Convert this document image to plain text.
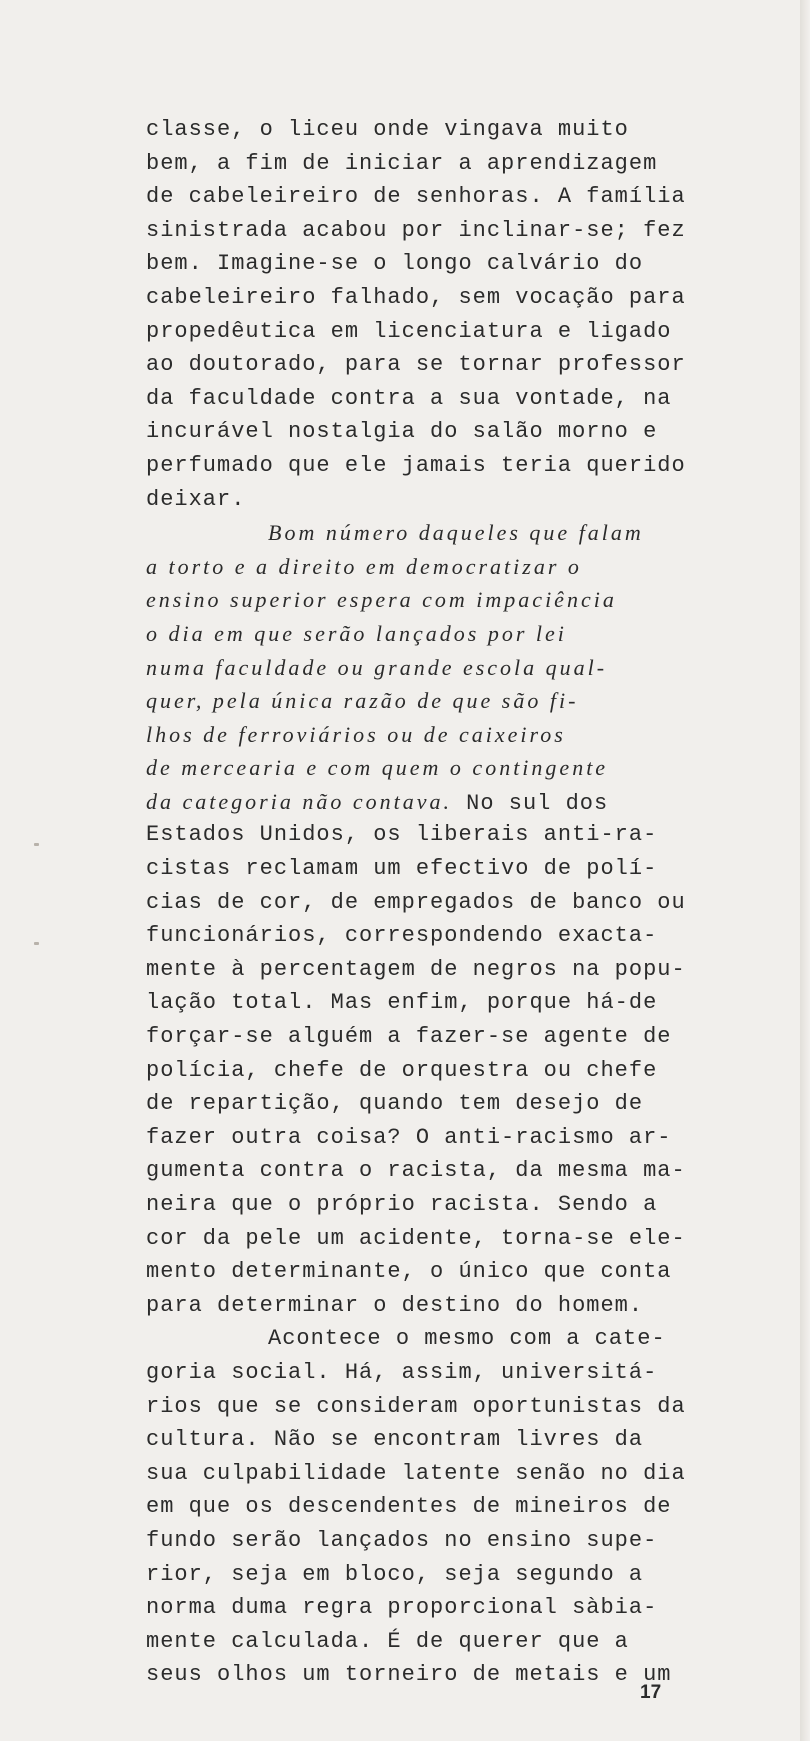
classe, o liceu onde vingava muito
bem, a fim de iniciar a aprendizagem
de cabeleireiro de senhoras. A família
sinistrada acabou por inclinar-se; fez
bem. Imagine-se o longo calvário do
cabeleireiro falhado, sem vocação para
propedêutica em licenciatura e ligado
ao doutorado, para se tornar professor
da faculdade contra a sua vontade, na
incurável nostalgia do salão morno e
perfumado que ele jamais teria querido
deixar.
Bom número daqueles que falam
a torto e a direito em democratizar o
ensino superior espera com impaciência
o dia em que serão lançados por lei
numa faculdade ou grande escola qual-
quer, pela única razão de que são fi-
lhos de ferroviários ou de caixeiros
de mercearia e com quem o contingente
da categoria não contava. No sul dos
Estados Unidos, os liberais anti-ra-
cistas reclamam um efectivo de polí-
cias de cor, de empregados de banco ou
funcionários, correspondendo exacta-
mente à percentagem de negros na popu-
lação total. Mas enfim, porque há-de
forçar-se alguém a fazer-se agente de
polícia, chefe de orquestra ou chefe
de repartição, quando tem desejo de
fazer outra coisa? O anti-racismo ar-
gumenta contra o racista, da mesma ma-
neira que o próprio racista. Sendo a
cor da pele um acidente, torna-se ele-
mento determinante, o único que conta
para determinar o destino do homem.
Acontece o mesmo com a cate-
goria social. Há, assim, universitá-
rios que se consideram oportunistas da
cultura. Não se encontram livres da
sua culpabilidade latente senão no dia
em que os descendentes de mineiros de
fundo serão lançados no ensino supe-
rior, seja em bloco, seja segundo a
norma duma regra proporcional sàbia-
mente calculada. É de querer que a
seus olhos um torneiro de metais e um
17
